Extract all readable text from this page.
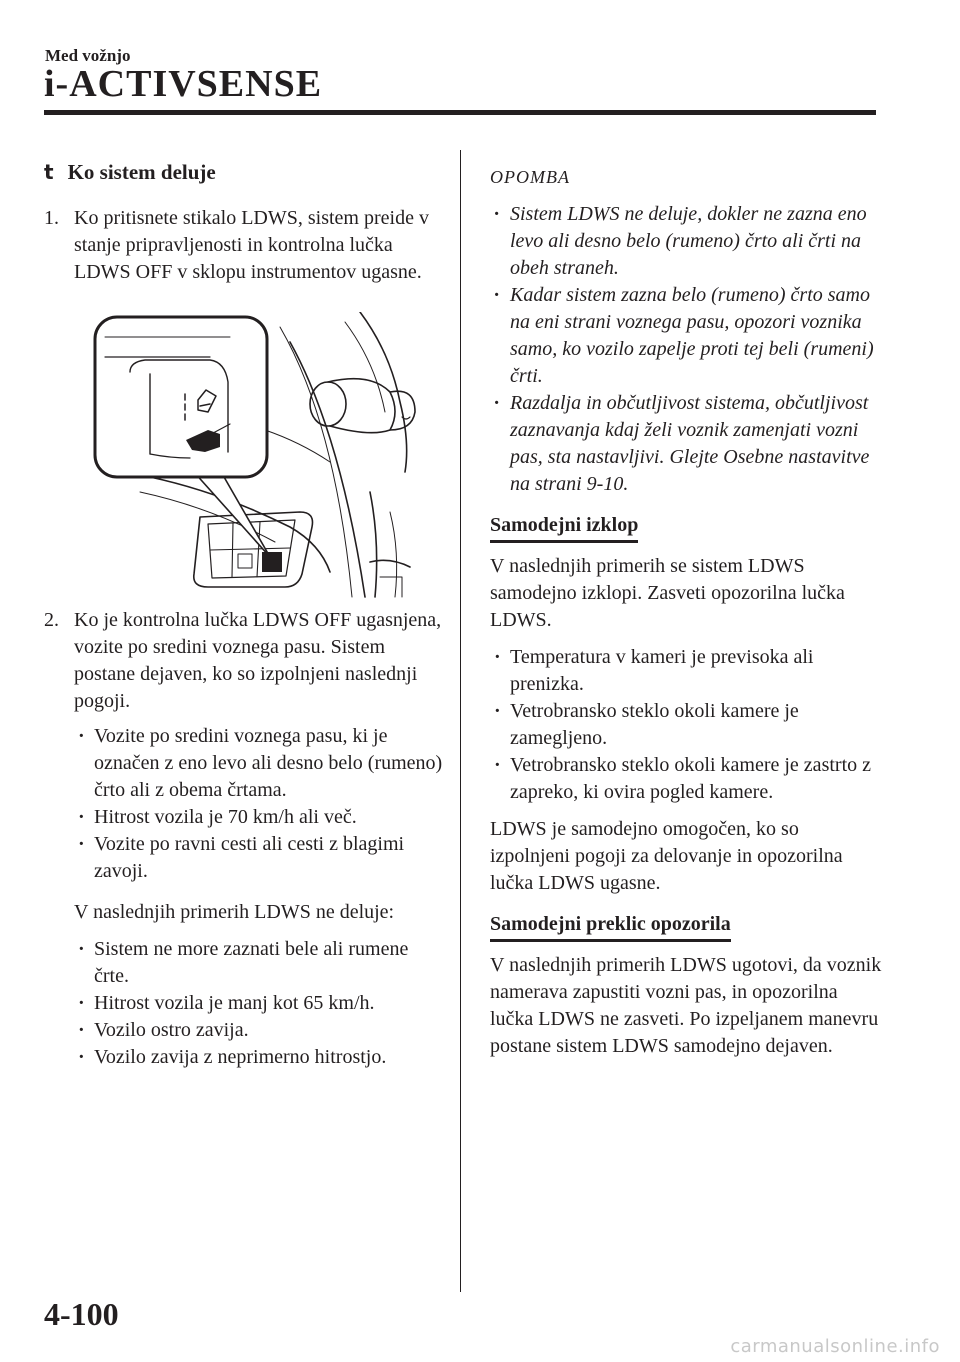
Med vožnjo
i-ACTIVSENSE
t Ko sistem deluje
1. Ko pritisnete stikalo LDWS, sistem preide v stanje pripravljenosti in kontrolna lučka LDWS OFF v sklopu instrumentov ugasne.
2. Ko je kontrolna lučka LDWS OFF ugasnjena, vozite po sredini voznega pasu. Sistem postane dejaven, ko so izpolnjeni naslednji pogoji.
· Vozite po sredini voznega pasu, ki je označen z eno levo ali desno belo (rumeno) črto ali z obema črtama.
· Hitrost vozila je 70 km/h ali več.
· Vozite po ravni cesti ali cesti z blagimi zavoji.
V naslednjih primerih LDWS ne deluje:
· Sistem ne more zaznati bele ali rumene črte.
· Hitrost vozila je manj kot 65 km/h.
· Vozilo ostro zavija.
· Vozilo zavija z neprimerno hitrostjo.
OPOMBA
· Sistem LDWS ne deluje, dokler ne zazna eno levo ali desno belo (rumeno) črto ali črti na obeh straneh.
· Kadar sistem zazna belo (rumeno) črto samo na eni strani voznega pasu, opozori voznika samo, ko vozilo zapelje proti tej beli (rumeni) črti.
· Razdalja in občutljivost sistema, občutljivost zaznavanja kdaj želi voznik zamenjati vozni pas, sta nastavljivi. Glejte Osebne nastavitve na strani 9-10.
Samodejni izklop
V naslednjih primerih se sistem LDWS samodejno izklopi. Zasveti opozorilna lučka LDWS.
· Temperatura v kameri je previsoka ali prenizka.
· Vetrobransko steklo okoli kamere je zamegljeno.
· Vetrobransko steklo okoli kamere je zastrto z zapreko, ki ovira pogled kamere.
LDWS je samodejno omogočen, ko so izpolnjeni pogoji za delovanje in opozorilna lučka LDWS ugasne.
Samodejni preklic opozorila
V naslednjih primerih LDWS ugotovi, da voznik namerava zapustiti vozni pas, in opozorilna lučka LDWS ne zasveti. Po izpeljanem manevru postane sistem LDWS samodejno dejaven.
4-100
carmanualsonline.info
